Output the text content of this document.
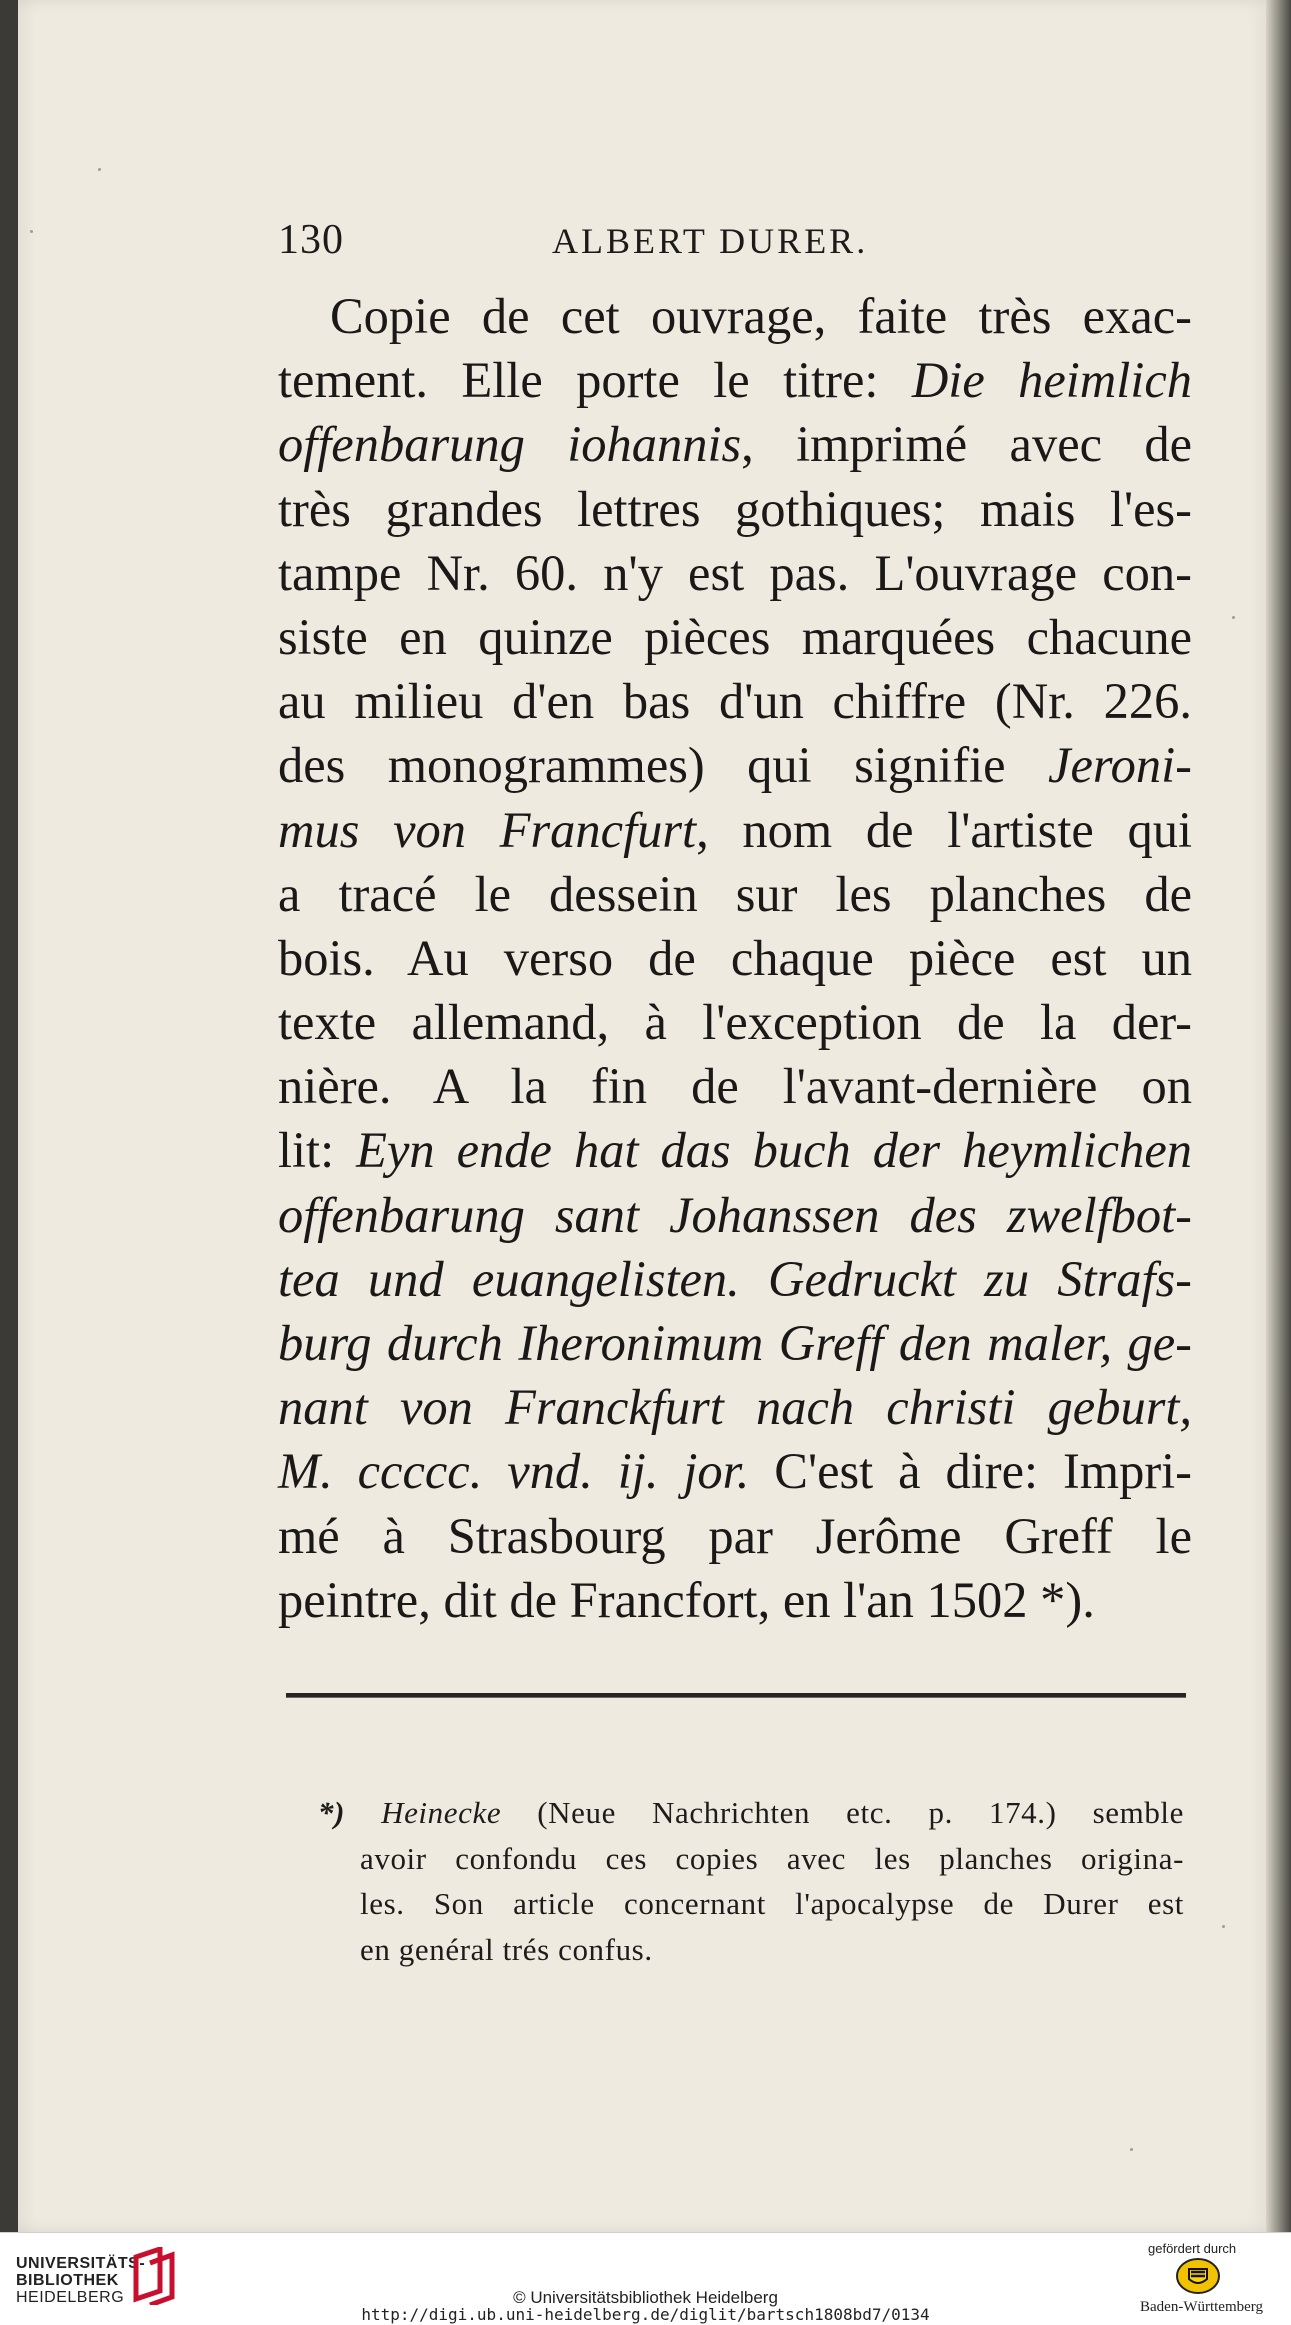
130	ALBERT DURER.
Copie de cet ouvrage, faite très exac-
tement. Elle porte le titre: Die heimlich
offenbarung iohannis, imprimé avec de
très grandes lettres gothiques; mais l'es-
tampe Nr. 60. n'y est pas. L'ouvrage con-
siste en quinze pièces marquées chacune
au milieu d'en bas d'un chiffre (Nr. 226.
des monogrammes) qui signifie Jeroni-
mus von Francfurt, nom de l'artiste qui
a tracé le dessein sur les planches de
bois. Au verso de chaque pièce est un
texte allemand, à l'exception de la der-
nière. A la fin de l'avant-dernière on
lit: Eyn ende hat das buch der heymlichen
offenbarung sant Johanssen des zwelfbot-
tea und euangelisten. Gedruckt zu Strafs-
burg durch Iheronimum Greff den maler, ge-
nant von Franckfurt nach christi geburt,
M. ccccc. vnd. ij. jor. C'est à dire: Impri-
mé à Strasbourg par Jerôme Greff le
peintre, dit de Francfort, en l'an 1502 *).
*) Heinecke (Neue Nachrichten etc. p. 174.) semble
avoir confondu ces copies avec les planches origina-
les. Son article concernant l'apocalypse de Durer est
en genéral trés confus.
UNIVERSITÄTS-
BIBLIOTHEK
HEIDELBERG	© Universitätsbibliothek Heidelberg
http://digi.ub.uni-heidelberg.de/diglit/bartsch1808bd7/0134
gefördert durch
Baden-Württemberg
